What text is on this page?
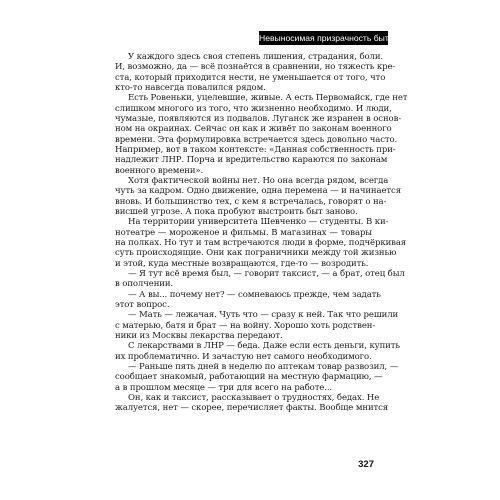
Невыносимая призрачность бытия
У каждого здесь своя степень лишения, страдания, боли.
И, возможно, да — всё познаётся в сравнении, но тяжесть кре-
ста, который приходится нести, не уменьшается от того, что
кто-то навсегда повалился рядом.
Есть Ровеньки, уцелевшие, живые. А есть Первомайск, где нет
слишком многого из того, что жизненно необходимо. И люди,
чумазые, появляются из подвалов. Луганск же изранен в основ-
ном на окраинах. Сейчас он как и живёт по законам военного
времени. Эта формулировка встречается здесь довольно часто.
Например, вот в таком контексте: «Данная собственность при-
надлежит ЛНР. Порча и вредительство караются по законам
военного времени».
Хотя фактической войны нет. Но она всегда рядом, всегда
чуть за кадром. Одно движение, одна перемена — и начинается
вновь. И большинство тех, с кем я встречалась, говорят о на-
висшей угрозе. А пока пробуют выстроить быт заново.
На территории университета Шевченко — студенты. В ки-
нотеатре — мороженое и фильмы. В магазинах — товары
на полках. Но тут и там встречаются люди в форме, подчёркивая
суть происходящие. Они как пограничники между той жизнью
и этой, куда местные возвращаются, где-то — возродить.
— Я тут всё время был, — говорит таксист, — а брат, отец был
в ополчении.
— А вы... почему нет? — сомневаюсь прежде, чем задать
этот вопрос.
— Мать — лежачая. Чуть что — сразу к ней. Так что решили
с матерью, батя и брат — на войну. Хорошо хоть родствен-
ники из Москвы лекарства передают.
С лекарствами в ЛНР — беда. Даже если есть деньги, купить
их проблематично. И зачастую нет самого необходимого.
— Раньше пять дней в неделю по аптекам товар развозил, —
сообщает знакомый, работающий на местную фармацию, —
а в прошлом месяце — три для всего на работе...
Он, как и таксист, рассказывает о трудностях, бедах. Не
жалуется, нет — скорее, перечисляет факты. Вообще мнится
327
